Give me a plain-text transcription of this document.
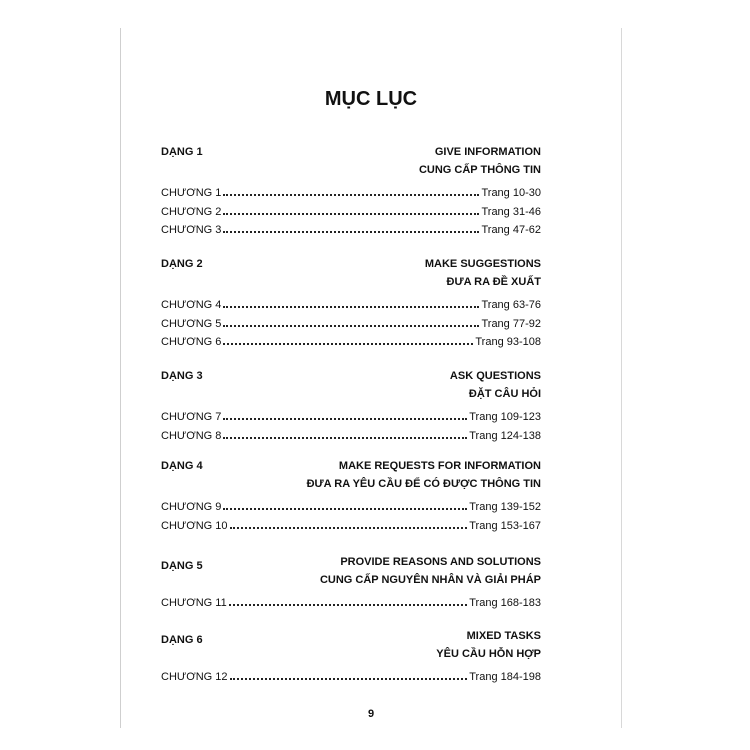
MỤC LỤC
DẠNG 1	GIVE INFORMATION
CUNG CẤP THÔNG TIN
CHƯƠNG 1	Trang 10-30
CHƯƠNG 2	Trang 31-46
CHƯƠNG 3	Trang 47-62
DẠNG 2	MAKE SUGGESTIONS
ĐƯA RA ĐỀ XUẤT
CHƯƠNG 4	Trang 63-76
CHƯƠNG 5	Trang 77-92
CHƯƠNG 6	Trang 93-108
DẠNG 3	ASK QUESTIONS
ĐẶT CÂU HỎI
CHƯƠNG 7	Trang 109-123
CHƯƠNG 8	Trang 124-138
DẠNG 4	MAKE REQUESTS FOR INFORMATION
ĐƯA RA YÊU CẦU ĐỂ CÓ ĐƯỢC THÔNG TIN
CHƯƠNG 9	Trang 139-152
CHƯƠNG 10	Trang 153-167
DẠNG 5	PROVIDE REASONS AND SOLUTIONS
CUNG CẤP NGUYÊN NHÂN VÀ GIẢI PHÁP
CHƯƠNG 11	Trang 168-183
DẠNG 6	MIXED TASKS
YÊU CẦU HỖN HỢP
CHƯƠNG 12	Trang 184-198
9
